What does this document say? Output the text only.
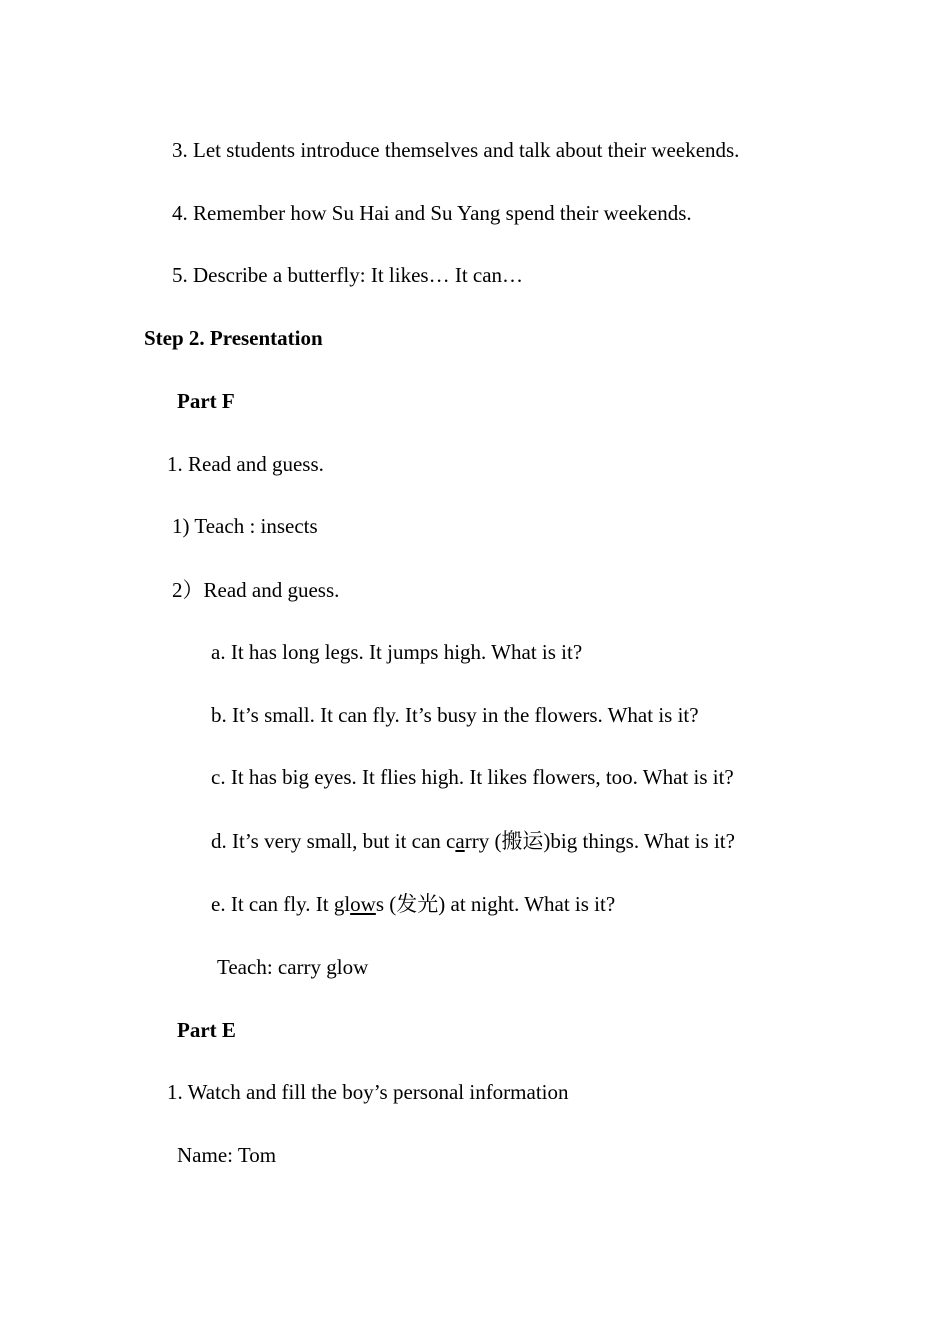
3. Let students introduce themselves and talk about their weekends.
4. Remember how Su Hai and Su Yang spend their weekends.
5. Describe a butterfly: It likes… It can…
Step 2. Presentation
Part F
1. Read and guess.
1) Teach : insects
2）Read and guess.
a. It has long legs. It jumps high. What is it?
b. It’s small. It can fly. It’s busy in the flowers. What is it?
c. It has big eyes. It flies high. It likes flowers, too. What is it?
d. It’s very small, but it can carry (搬运)big things. What is it?
e. It can fly. It glows (发光) at night. What is it?
Teach: carry glow
Part E
1. Watch and fill the boy’s personal information
Name: Tom
